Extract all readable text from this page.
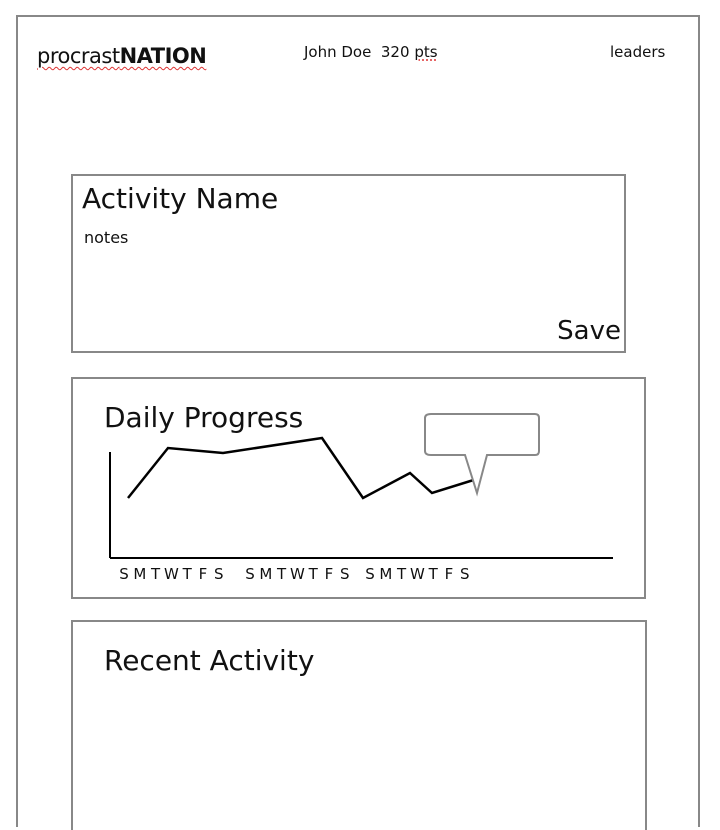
procrastNATION	John Doe 320 pts	leaders
Activity Name
notes
Save
Daily Progress
S M T W T F S S M T W T F S S M T W T F S
Recent Activity
